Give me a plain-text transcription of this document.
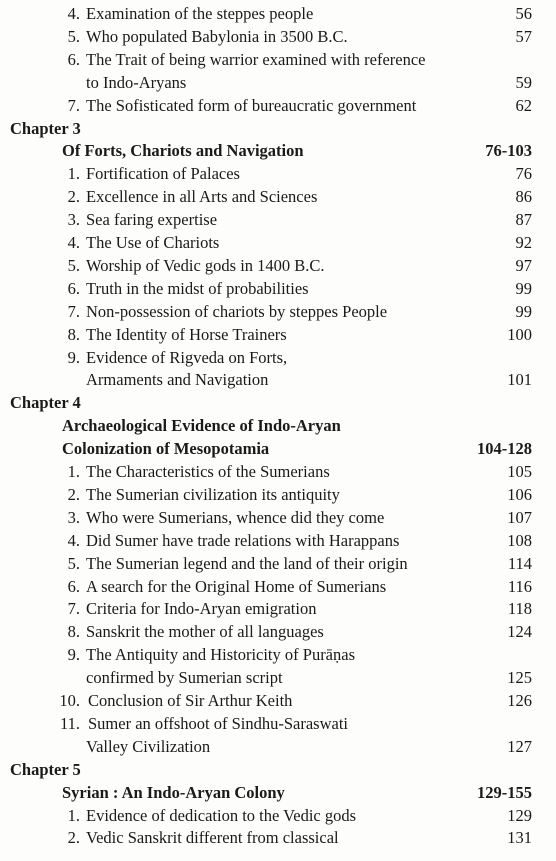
4. Examination of the steppes people	56
5. Who populated Babylonia in 3500 B.C.	57
6. The Trait of being warrior examined with reference
to Indo-Aryans	59
7. The Sofisticated form of bureaucratic government	62
Chapter 3
Of Forts, Chariots and Navigation	76-103
1. Fortification of Palaces	76
2. Excellence in all Arts and Sciences	86
3. Sea faring expertise	87
4. The Use of Chariots	92
5. Worship of Vedic gods in 1400 B.C.	97
6. Truth in the midst of probabilities	99
7. Non-possession of chariots by steppes People	99
8. The Identity of Horse Trainers	100
9. Evidence of Rigveda on Forts,
Armaments and Navigation	101
Chapter 4
Archaeological Evidence of Indo-Aryan
Colonization of Mesopotamia	104-128
1. The Characteristics of the Sumerians	105
2. The Sumerian civilization its antiquity	106
3. Who were Sumerians, whence did they come	107
4. Did Sumer have trade relations with Harappans	108
5. The Sumerian legend and the land of their origin	114
6. A search for the Original Home of Sumerians	116
7. Criteria for Indo-Aryan emigration	118
8. Sanskrit the mother of all languages	124
9. The Antiquity and Historicity of Purāṇas
confirmed by Sumerian script	125
10. Conclusion of Sir Arthur Keith	126
11. Sumer an offshoot of Sindhu-Saraswati
Valley Civilization	127
Chapter 5
Syrian : An Indo-Aryan Colony	129-155
1. Evidence of dedication to the Vedic gods	129
2. Vedic Sanskrit different from classical	131
